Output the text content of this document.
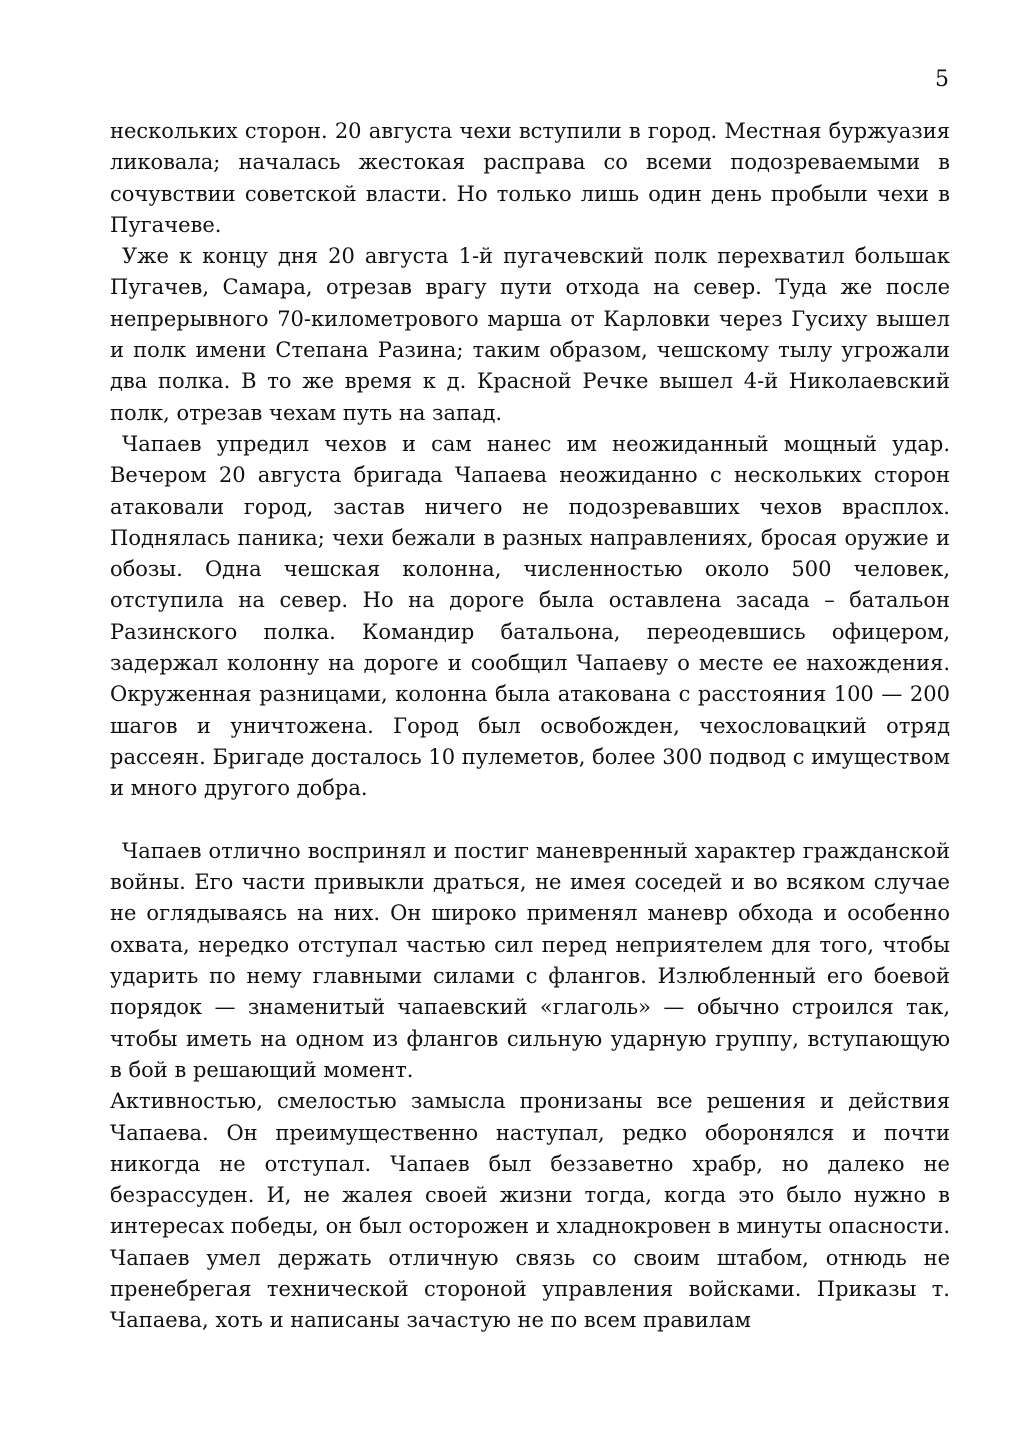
5

нескольких сторон. 20 августа чехи вступили в город. Местная буржуазия ликовала; началась жестокая расправа со всеми подозреваемыми в сочувствии советской власти. Но только лишь один день пробыли чехи в Пугачеве.

Уже к концу дня 20 августа 1-й пугачевский полк перехватил большак Пугачев, Самара, отрезав врагу пути отхода на север. Туда же после непрерывного 70-километрового марша от Карловки через Гусиху вышел и полк имени Степана Разина; таким образом, чешскому тылу угрожали два полка. В то же время к д. Красной Речке вышел 4-й Николаевский полк, отрезав чехам путь на запад.

Чапаев упредил чехов и сам нанес им неожиданный мощный удар. Вечером 20 августа бригада Чапаева неожиданно с нескольких сторон атаковали город, застав ничего не подозревавших чехов врасплох. Поднялась паника; чехи бежали в разных направлениях, бросая оружие и обозы. Одна чешская колонна, численностью около 500 человек, отступила на север. Но на дороге была оставлена засада – батальон Разинского полка. Командир батальона, переодевшись офицером, задержал колонну на дороге и сообщил Чапаеву о месте ее нахождения. Окруженная разницами, колонна была атакована с расстояния 100 — 200 шагов и уничтожена. Город был освобожден, чехословацкий отряд рассеян. Бригаде досталось 10 пулеметов, более 300 подвод с имуществом и много другого добра.

Чапаев отлично воспринял и постиг маневренный характер гражданской войны. Его части привыкли драться, не имея соседей и во всяком случае не оглядываясь на них. Он широко применял маневр обхода и особенно охвата, нередко отступал частью сил перед неприятелем для того, чтобы ударить по нему главными силами с флангов. Излюбленный его боевой порядок — знаменитый чапаевский «глаголь» — обычно строился так, чтобы иметь на одном из флангов сильную ударную группу, вступающую в бой в решающий момент.

Активностью, смелостью замысла пронизаны все решения и действия Чапаева. Он преимущественно наступал, редко оборонялся и почти никогда не отступал. Чапаев был беззаветно храбр, но далеко не безрассуден. И, не жалея своей жизни тогда, когда это было нужно в интересах победы, он был осторожен и хладнокровен в минуты опасности. Чапаев умел держать отличную связь со своим штабом, отнюдь не пренебрегая технической стороной управления войсками. Приказы т. Чапаева, хоть и написаны зачастую не по всем правилам
